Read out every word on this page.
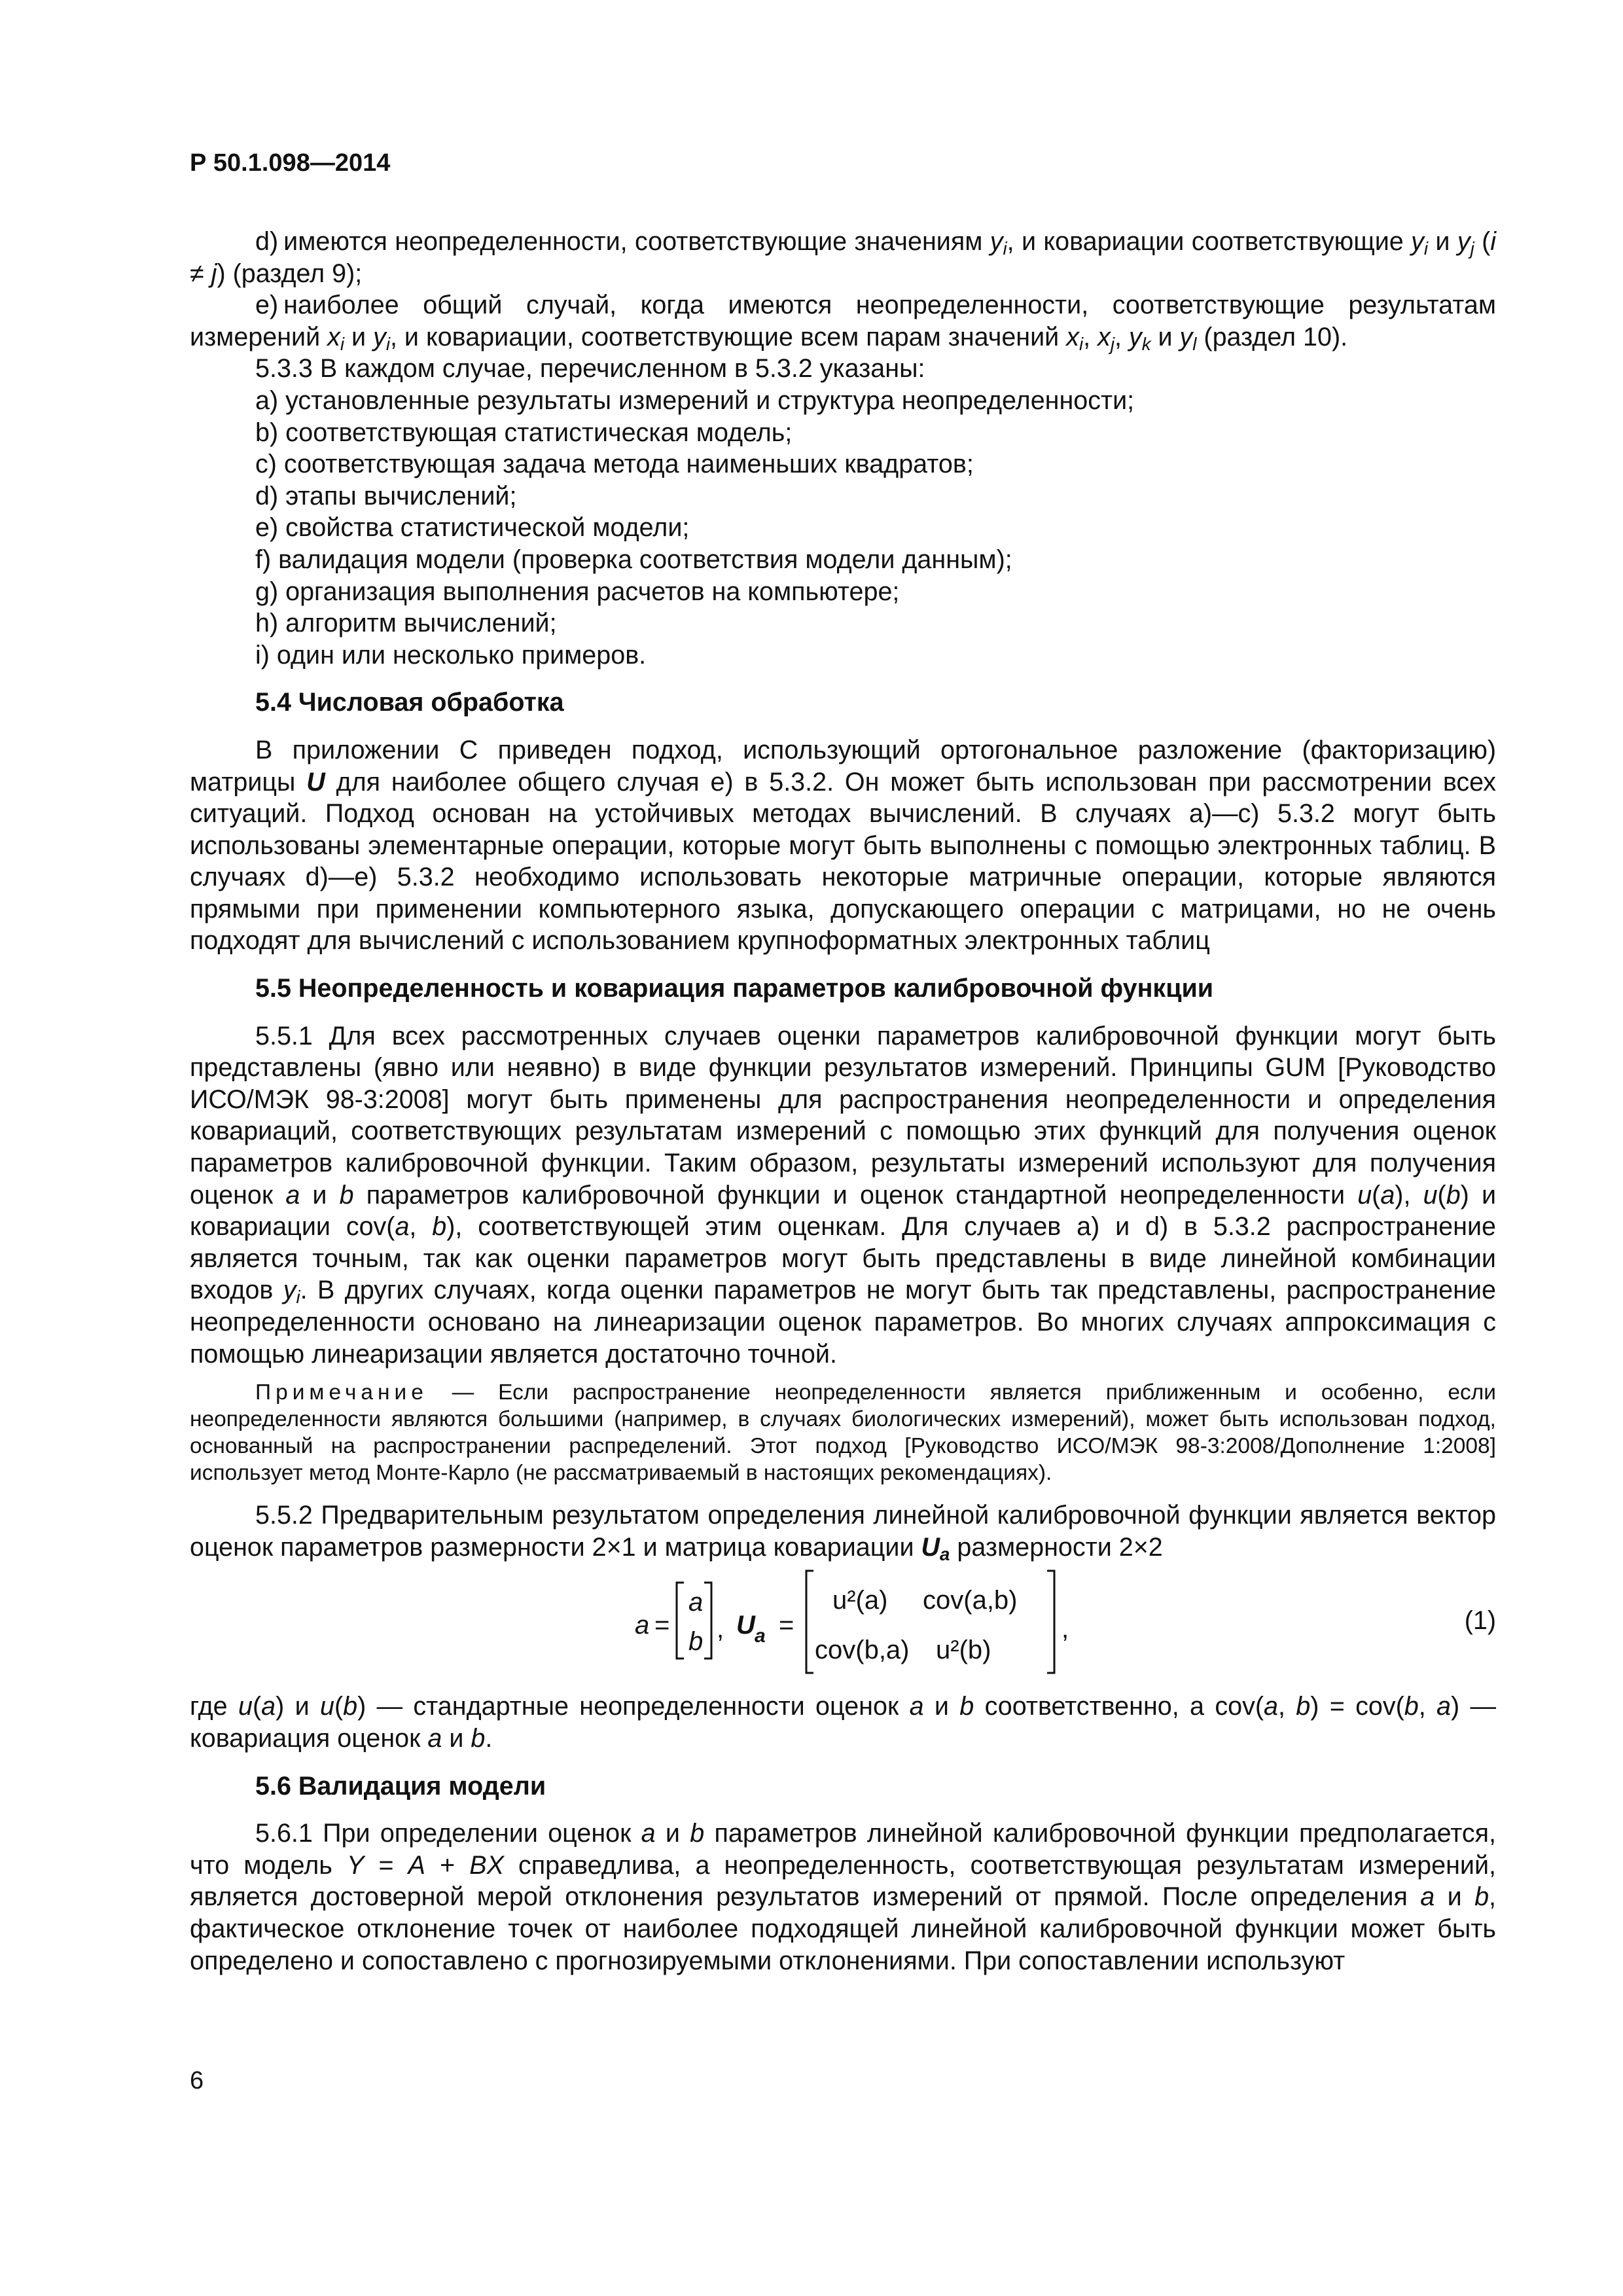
Р 50.1.098—2014

d) имеются неопределенности, соответствующие значениям $y_i$, и ковариации соответствующие $y_i$ и $y_j$ (i ≠ j) (раздел 9);

e) наиболее общий случай, когда имеются неопределенности, соответствующие результатам измерений $x_i$ и $y_i$, и ковариации, соответствующие всем парам значений $x_i$, $x_j$, $y_k$ и $y_l$ (раздел 10).

5.3.3 В каждом случае, перечисленном в 5.3.2 указаны:

а) установленные результаты измерений и структура неопределенности;

b) соответствующая статистическая модель;

c) соответствующая задача метода наименьших квадратов;

d) этапы вычислений;

e) свойства статистической модели;

f) валидация модели (проверка соответствия модели данным);

g) организация выполнения расчетов на компьютере;

h) алгоритм вычислений;

i) один или несколько примеров.

5.4 Числовая обработка

В приложении С приведен подход, использующий ортогональное разложение (факторизацию) матрицы U для наиболее общего случая е) в 5.3.2. Он может быть использован при рассмотрении всех ситуаций. Подход основан на устойчивых методах вычислений. В случаях а)—с) 5.3.2 могут быть использованы элементарные операции, которые могут быть выполнены с помощью электронных таблиц. В случаях d)—е) 5.3.2 необходимо использовать некоторые матричные операции, которые являются прямыми при применении компьютерного языка, допускающего операции с матрицами, но не очень подходят для вычислений с использованием крупноформатных электронных таблиц

5.5 Неопределенность и ковариация параметров калибровочной функции

5.5.1 Для всех рассмотренных случаев оценки параметров калибровочной функции могут быть представлены (явно или неявно) в виде функции результатов измерений. Принципы GUM [Руководство ИСО/МЭК 98-3:2008] могут быть применены для распространения неопределенности и определения ковариаций, соответствующих результатам измерений с помощью этих функций для получения оценок параметров калибровочной функции. Таким образом, результаты измерений используют для получения оценок a и b параметров калибровочной функции и оценок стандартной неопределенности u(a), u(b) и ковариации cov(a, b), соответствующей этим оценкам. Для случаев а) и d) в 5.3.2 распространение является точным, так как оценки параметров могут быть представлены в виде линейной комбинации входов $y_i$. В других случаях, когда оценки параметров не могут быть так представлены, распространение неопределенности основано на линеаризации оценок параметров. Во многих случаях аппроксимация с помощью линеаризации является достаточно точной.

Примечание — Если распространение неопределенности является приближенным и особенно, если неопределенности являются большими (например, в случаях биологических измерений), может быть использован подход, основанный на распространении распределений. Этот подход [Руководство ИСО/МЭК 98-3:2008/Дополнение 1:2008] использует метод Монте-Карло (не рассматриваемый в настоящих рекомендациях).

5.5.2 Предварительным результатом определения линейной калибровочной функции является вектор оценок параметров размерности 2×1 и матрица ковариации $U_a$ размерности 2×2

a =
a
b , U a =
u²(a) cov(a,b)
cov(b,a) u²(b)
,	(1)

где u(a) и u(b) — стандартные неопределенности оценок a и b соответственно, а cov(a, b) = cov(b, a) — ковариация оценок a и b.

5.6 Валидация модели

5.6.1 При определении оценок a и b параметров линейной калибровочной функции предполагается, что модель Y = A + BX справедлива, а неопределенность, соответствующая результатам измерений, является достоверной мерой отклонения результатов измерений от прямой. После определения a и b, фактическое отклонение точек от наиболее подходящей линейной калибровочной функции может быть определено и сопоставлено с прогнозируемыми отклонениями. При сопоставлении используют

6
